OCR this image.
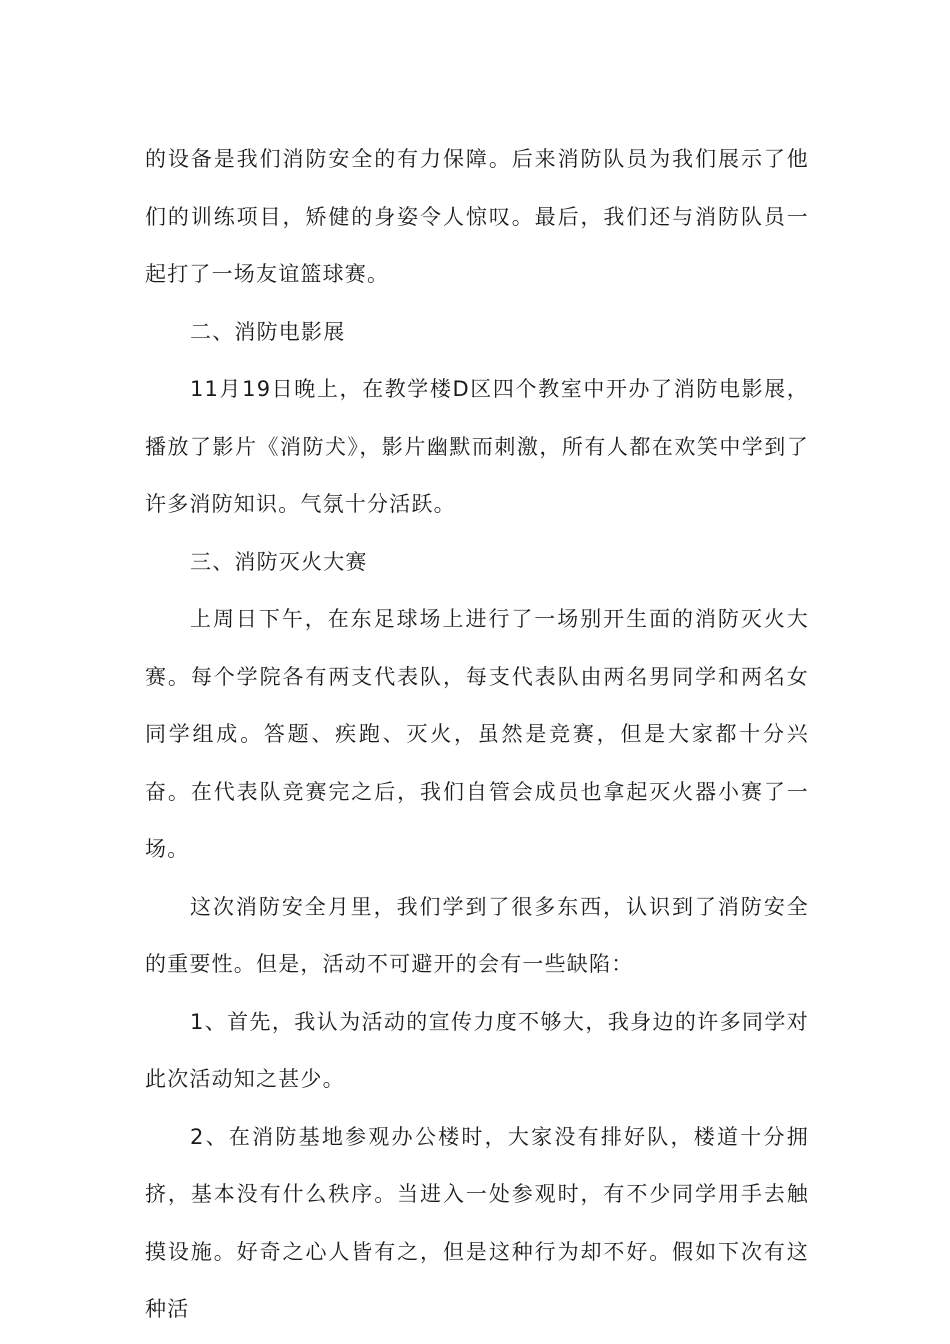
的设备是我们消防安全的有力保障。后来消防队员为我们展示了他们的训练项目，矫健的身姿令人惊叹。最后，我们还与消防队员一起打了一场友谊篮球赛。

二、消防电影展

11月19日晚上，在教学楼D区四个教室中开办了消防电影展，播放了影片《消防犬》，影片幽默而刺激，所有人都在欢笑中学到了许多消防知识。气氛十分活跃。

三、消防灭火大赛

上周日下午，在东足球场上进行了一场别开生面的消防灭火大赛。每个学院各有两支代表队，每支代表队由两名男同学和两名女同学组成。答题、疾跑、灭火，虽然是竞赛，但是大家都十分兴奋。在代表队竞赛完之后，我们自管会成员也拿起灭火器小赛了一场。

这次消防安全月里，我们学到了很多东西，认识到了消防安全的重要性。但是，活动不可避开的会有一些缺陷：

1、首先，我认为活动的宣传力度不够大，我身边的许多同学对此次活动知之甚少。

2、在消防基地参观办公楼时，大家没有排好队，楼道十分拥挤，基本没有什么秩序。当进入一处参观时，有不少同学用手去触摸设施。好奇之心人皆有之，但是这种行为却不好。假如下次有这种活
